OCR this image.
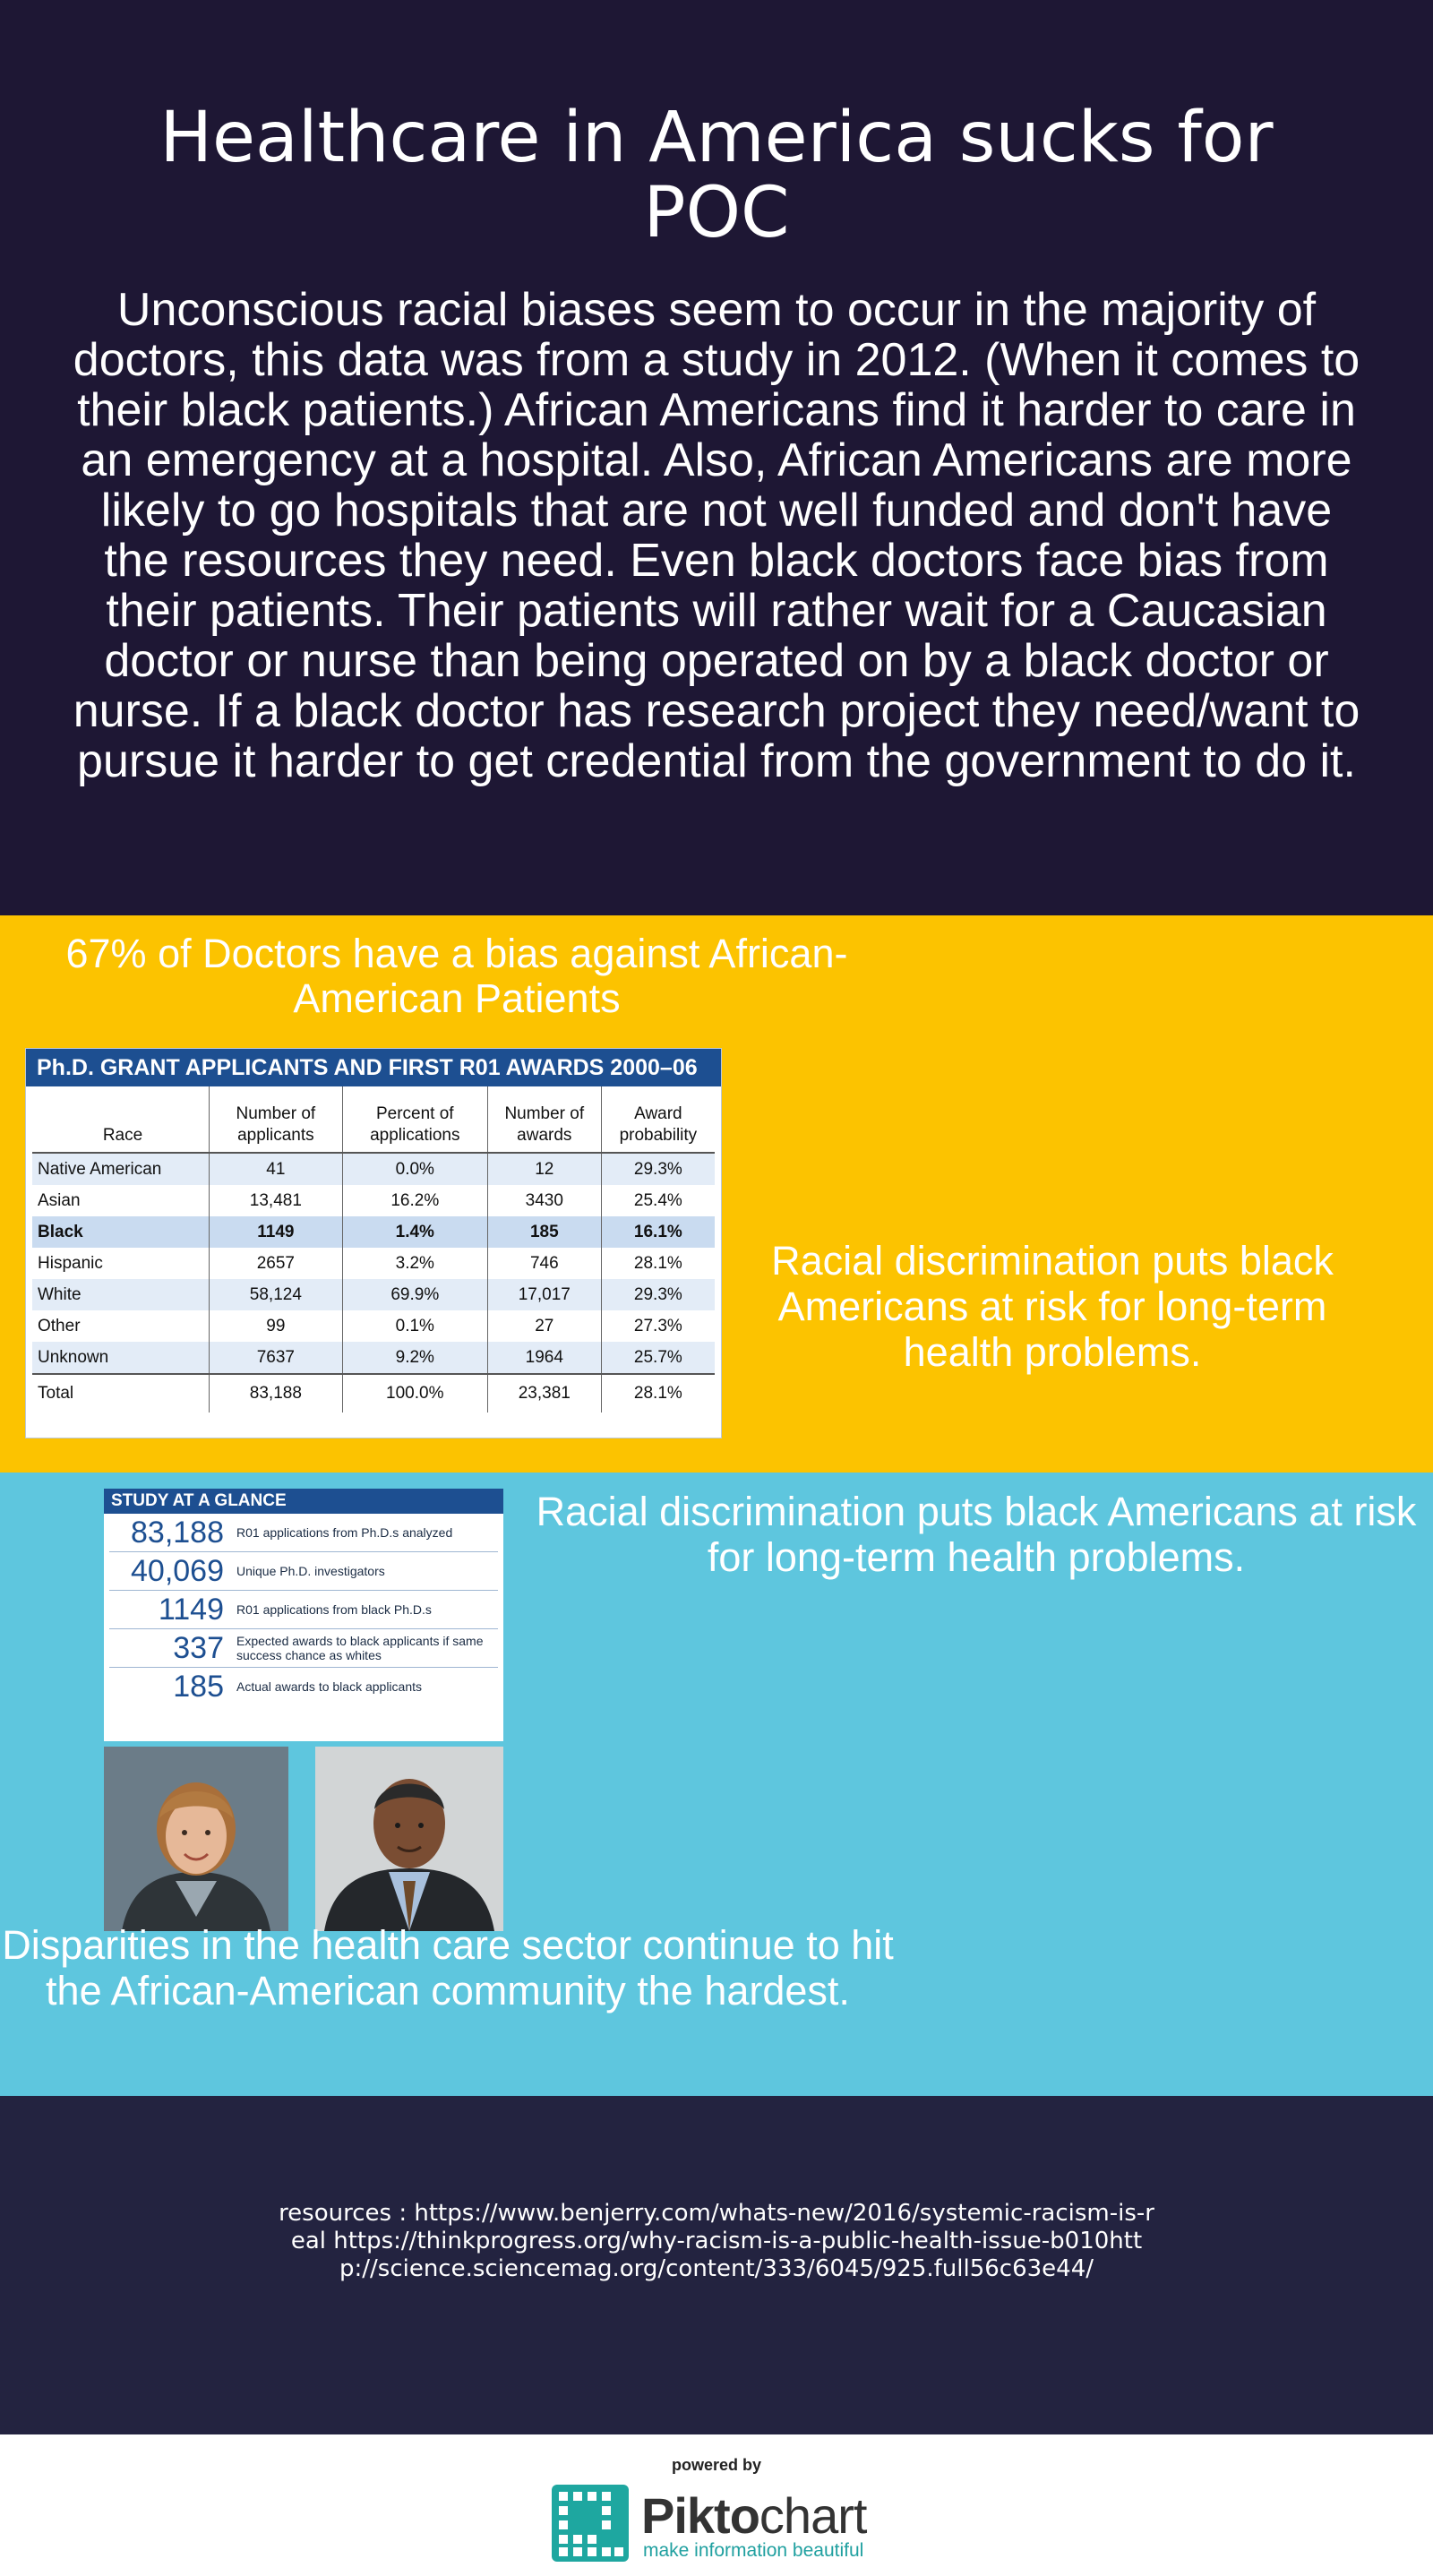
Healthcare in America sucks for POC

Unconscious racial biases seem to occur in the majority of doctors, this data was from a study in 2012. (When it comes to their black patients.) African Americans find it harder to care in an emergency at a hospital. Also, African Americans are more likely to go hospitals that are not well funded and don't have the resources they need. Even black doctors face bias from their patients. Their patients will rather wait for a Caucasian doctor or nurse than being operated on by a black doctor or nurse. If a black doctor has research project they need/want to pursue it harder to get credential from the government to do it.

67% of Doctors have a bias against African-American Patients
Ph.D. GRANT APPLICANTS AND FIRST R01 AWARDS 2000–06
Race	Number of applicants	Percent of applications	Number of awards	Award probability
Native American	41	0.0%	12	29.3%
Asian	13,481	16.2%	3430	25.4%
Black	1149	1.4%	185	16.1%
Hispanic	2657	3.2%	746	28.1%
White	58,124	69.9%	17,017	29.3%
Other	99	0.1%	27	27.3%
Unknown	7637	9.2%	1964	25.7%
Total	83,188	100.0%	23,381	28.1%
Racial discrimination puts black Americans at risk for long-term health problems.
STUDY AT A GLANCE
83,188	R01 applications from Ph.D.s analyzed
40,069	Unique Ph.D. investigators
1149	R01 applications from black Ph.D.s
337	Expected awards to black applicants if same success chance as whites
185	Actual awards to black applicants
Racial discrimination puts black Americans at risk for long-term health problems.
Disparities in the health care sector continue to hit the African-American community the hardest.
resources : https://www.benjerry.com/whats-new/2016/systemic-racism-is-real https://thinkprogress.org/why-racism-is-a-public-health-issue-b010http://science.sciencemag.org/content/333/6045/925.full56c63e44/
powered by
Piktochart
make information beautiful
